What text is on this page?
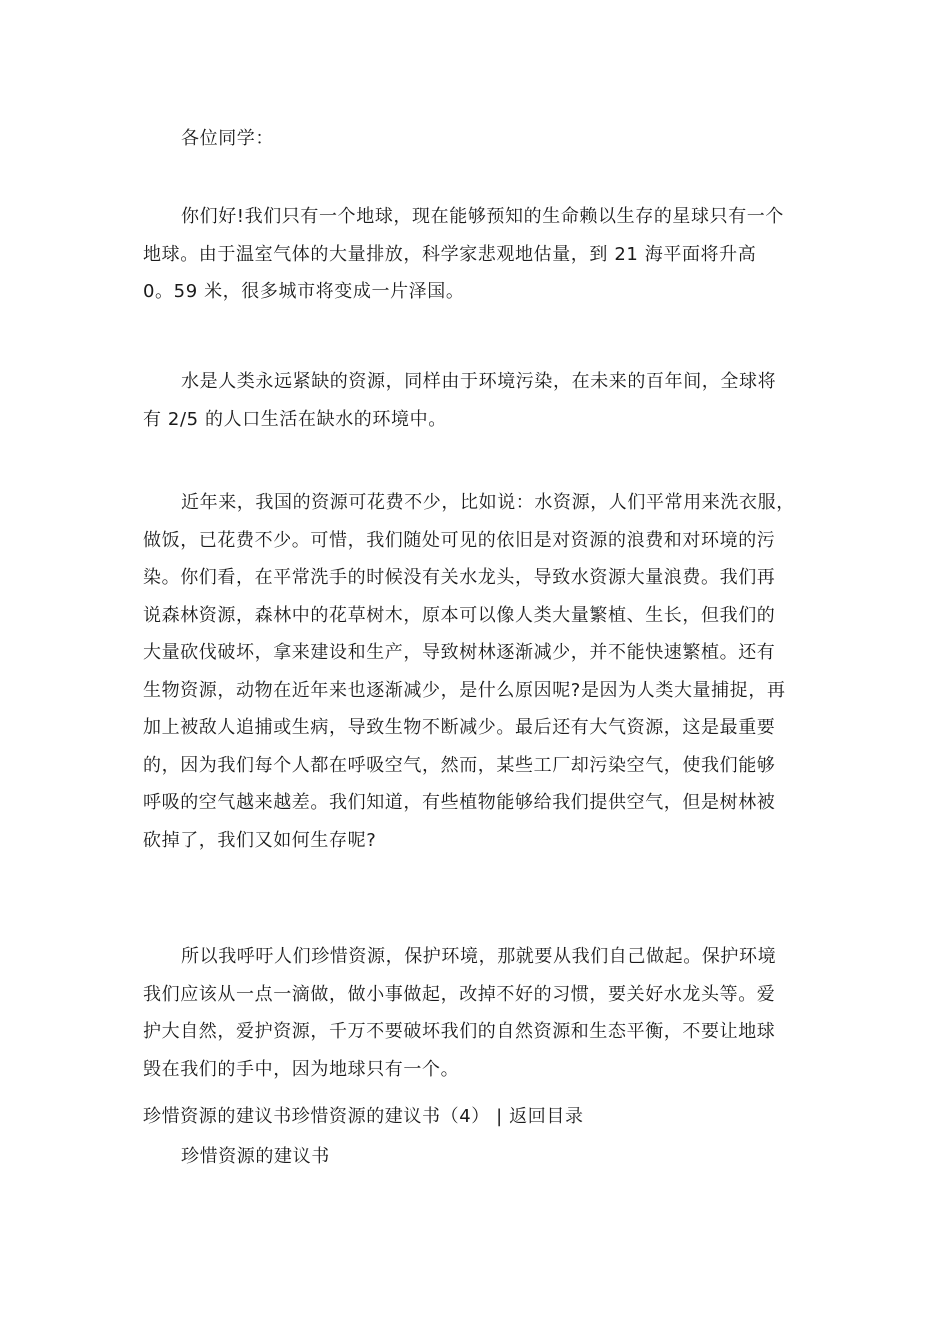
各位同学：
你们好!我们只有一个地球，现在能够预知的生命赖以生存的星球只有一个
地球。由于温室气体的大量排放，科学家悲观地估量，到 21 海平面将升高
0。59 米，很多城市将变成一片泽国。
水是人类永远紧缺的资源，同样由于环境污染，在未来的百年间，全球将
有 2/5 的人口生活在缺水的环境中。
近年来，我国的资源可花费不少，比如说：水资源，人们平常用来洗衣服，
做饭，已花费不少。可惜，我们随处可见的依旧是对资源的浪费和对环境的污
染。你们看，在平常洗手的时候没有关水龙头，导致水资源大量浪费。我们再
说森林资源，森林中的花草树木，原本可以像人类大量繁植、生长，但我们的
大量砍伐破坏，拿来建设和生产，导致树林逐渐减少，并不能快速繁植。还有
生物资源，动物在近年来也逐渐减少，是什么原因呢?是因为人类大量捕捉，再
加上被敌人追捕或生病，导致生物不断减少。最后还有大气资源，这是最重要
的，因为我们每个人都在呼吸空气，然而，某些工厂却污染空气，使我们能够
呼吸的空气越来越差。我们知道，有些植物能够给我们提供空气，但是树林被
砍掉了，我们又如何生存呢?
所以我呼吁人们珍惜资源，保护环境，那就要从我们自己做起。保护环境
我们应该从一点一滴做，做小事做起，改掉不好的习惯，要关好水龙头等。爱
护大自然，爱护资源，千万不要破坏我们的自然资源和生态平衡，不要让地球
毁在我们的手中，因为地球只有一个。
珍惜资源的建议书珍惜资源的建议书（4） | 返回目录
珍惜资源的建议书
